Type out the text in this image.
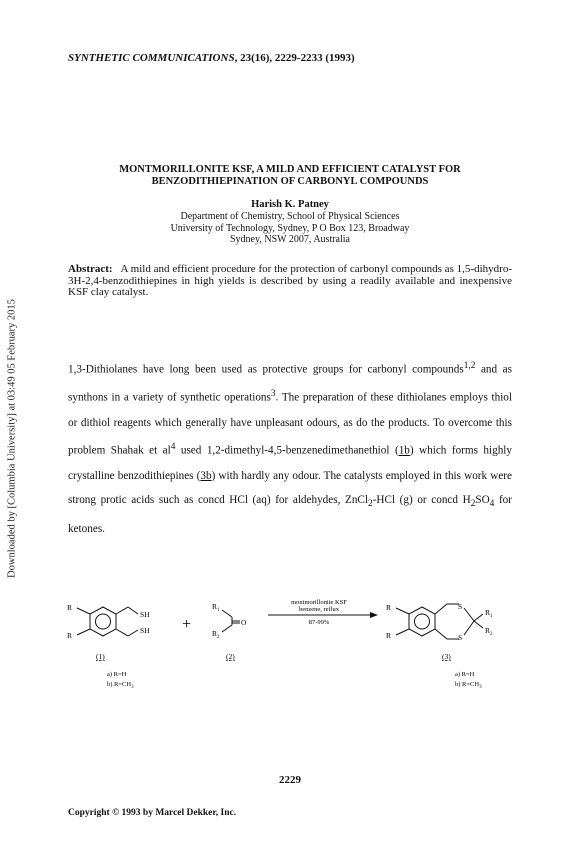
SYNTHETIC COMMUNICATIONS, 23(16), 2229-2233 (1993)
MONTMORILLONITE KSF, A MILD AND EFFICIENT CATALYST FOR
BENZODITHIEPINATION OF CARBONYL COMPOUNDS
Harish K. Patney
Department of Chemistry, School of Physical Sciences
University of Technology, Sydney, P O Box 123, Broadway
Sydney, NSW 2007, Australia
Abstract: A mild and efficient procedure for the protection of carbonyl compounds as 1,5-dihydro-3H-2,4-benzodithiepines in high yields is described by using a readily available and inexpensive KSF clay catalyst.
Downloaded by [Columbia University] at 03:49 05 February 2015	1,3-Dithiolanes have long been used as protective groups for carbonyl compounds$^{1,2}$ and as synthons in a variety of synthetic operations$^3$. The preparation of these dithiolanes employs thiol or dithiol reagents which generally have unpleasant odours, as do the products. To overcome this problem Shahak et $al^4$ used 1,2-dimethyl-4,5-benzenedimethanethiol (1b) which forms highly crystalline benzodithiepines (3b) with hardly any odour. The catalysts employed in this work were strong protic acids such as concd HCl (aq) for aldehydes, ZnCl$_2$-HCl (g) or concd $H_2SO_4$ for ketones.

R
R
SH
SH
(1)
a) R=H
b) $R=CH_3$
+
$R_1$
$R_2$
O
(2)
montmorillonite KSF
benzene, reflux
87-99%
R
R
S
S
$R_1$
$R_2$
(3)
a) R=H
b) $R=CH_3$
2229
Copyright © 1993 by Marcel Dekker, Inc.
